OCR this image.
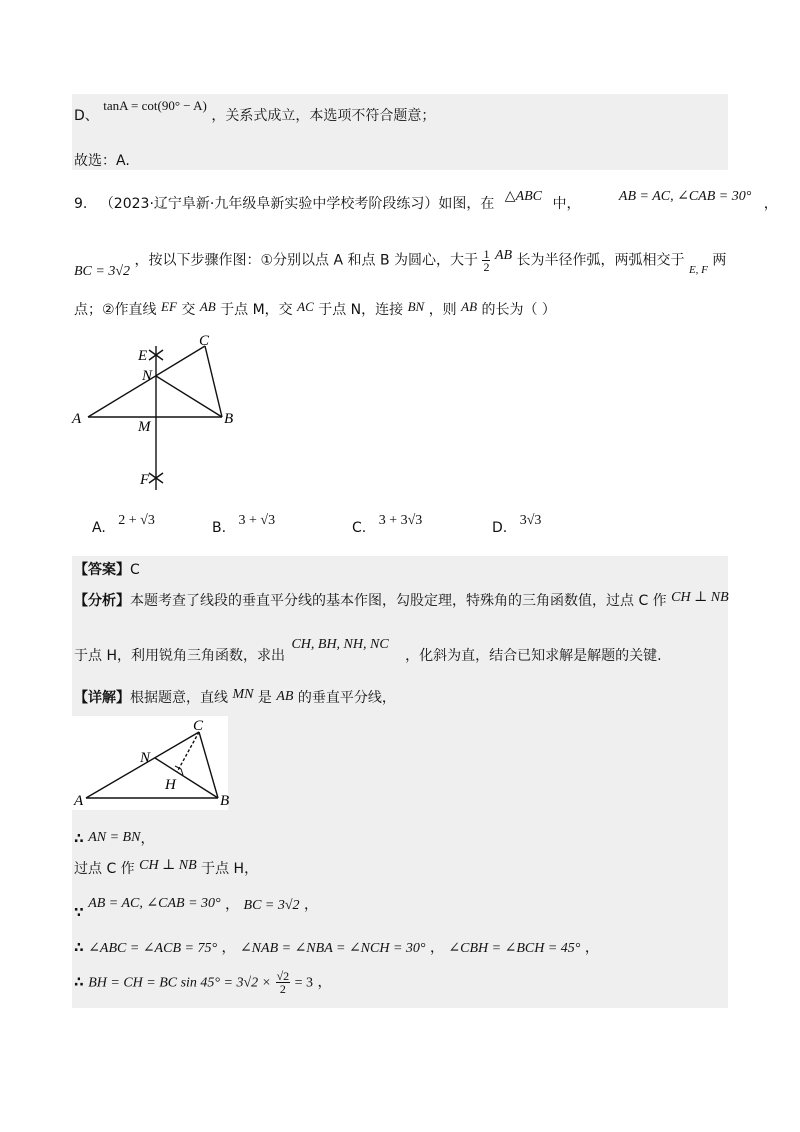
D、 tanA = cot(90° − A) ，关系式成立，本选项不符合题意；
故选：A.
9. （2023·辽宁阜新·九年级阜新实验中学校考阶段练习）如图，在 △ABC 中，	AB = AC, ∠CAB = 30° ，
BC = 3√2 ，按以下步骤作图：①分别以点 A 和点 B 为圆心，大于 $\frac{1}{2}$ AB 长为半径作弧，两弧相交于 $_{E, F}$ 两
点；②作直线 EF 交 AB 于点 M，交 AC 于点 N，连接 BN ，则 AB 的长为（ ）
E
C
N
A	M	B
F
A. 2 + √3	B. 3 + √3	C. 3 + 3√3	D. 3√3
【答案】C
【分析】本题考查了线段的垂直平分线的基本作图，勾股定理，特殊角的三角函数值，过点 C 作 CH ⊥ NB
于点 H，利用锐角三角函数，求出 CH, BH, NH, NC ，化斜为直，结合已知求解是解题的关键.
【详解】根据题意，直线 MN 是 AB 的垂直平分线，
C
N
H
A	B
∴ AN = BN，
过点 C 作 CH ⊥ NB 于点 H，
∵ AB = AC, ∠CAB = 30° ， BC = 3√2 ，
∴ ∠ABC = ∠ACB = 75° ， ∠NAB = ∠NBA = ∠NCH = 30° ， ∠CBH = ∠BCH = 45° ，
∴ BH = CH = BC $\sin 45^\circ = 3√2 \times \frac{√2}{2} = 3$ ，
